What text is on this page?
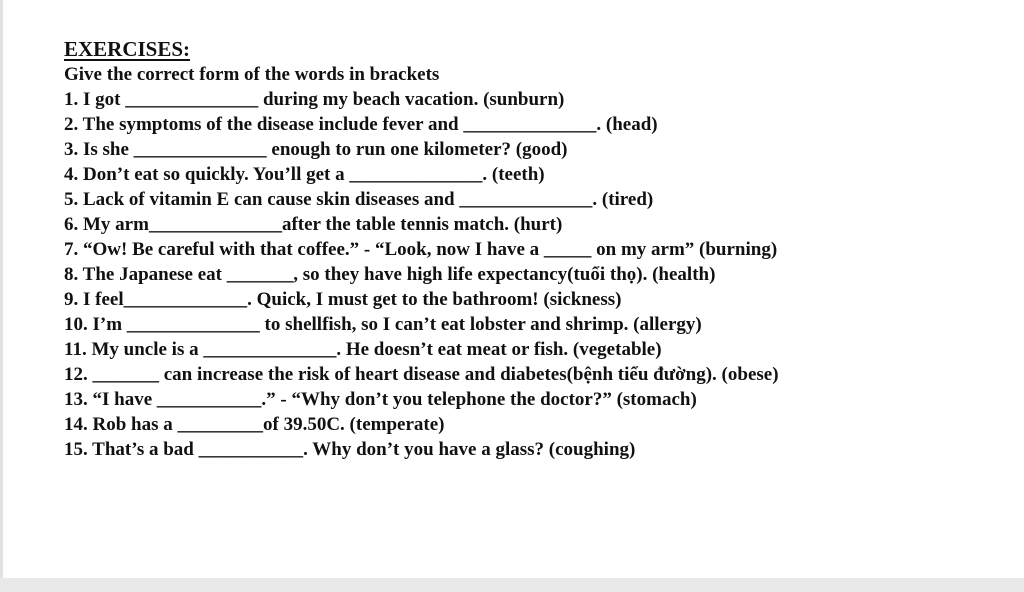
EXERCISES:
Give the correct form of the words in brackets
1. I got ______________ during my beach vacation. (sunburn)
2. The symptoms of the disease include fever and ______________. (head)
3. Is she ______________ enough to run one kilometer? (good)
4. Don’t eat so quickly. You’ll get a ______________. (teeth)
5. Lack of vitamin E can cause skin diseases and ______________. (tired)
6. My arm______________after the table tennis match. (hurt)
7. “Ow! Be careful with that coffee.” - “Look, now I have a _____ on my arm” (burning)
8. The Japanese eat _______, so they have high life expectancy(tuổi thọ). (health)
9. I feel_____________. Quick, I must get to the bathroom! (sickness)
10. I’m ______________ to shellfish, so I can’t eat lobster and shrimp. (allergy)
11. My uncle is a ______________. He doesn’t eat meat or fish. (vegetable)
12. _______ can increase the risk of heart disease and diabetes(bệnh tiểu đường). (obese)
13. “I have ___________.” - “Why don’t you telephone the doctor?” (stomach)
14. Rob has a _________of 39.50C. (temperate)
15. That’s a bad ___________. Why don’t you have a glass? (coughing)
